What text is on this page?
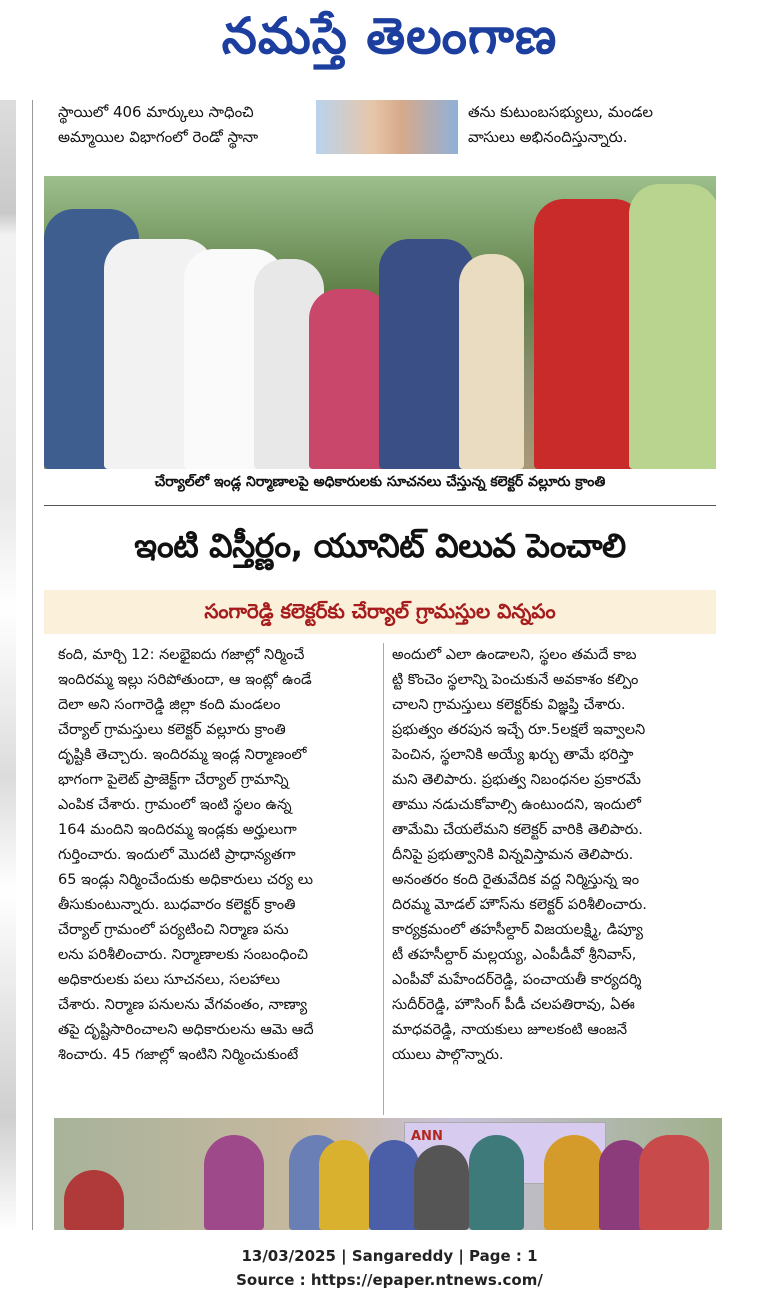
నమస్తే తెలంగాణ

స్థాయిలో 406 మార్కులు సాధించి

అమ్మాయిల విభాగంలో రెండో స్థానా

తను కుటుంబసభ్యులు, మండల

వాసులు అభినందిస్తున్నారు.

చేర్యాల్‌లో ఇండ్ల నిర్మాణాలపై అధికారులకు సూచనలు చేస్తున్న కలెక్టర్ వల్లూరు క్రాంతి
ఇంటి విస్తీర్ణం, యూనిట్ విలువ పెంచాలి
సంగారెడ్డి కలెక్టర్‌కు చేర్యాల్ గ్రామస్తుల విన్నపం

కంది, మార్చి 12: నలభైఐదు గజాల్లో నిర్మించే

ఇందిరమ్మ ఇల్లు సరిపోతుందా, ఆ ఇంట్లో ఉండే

దెలా అని సంగారెడ్డి జిల్లా కంది మండలం

చేర్యాల్ గ్రామస్తులు కలెక్టర్ వల్లూరు క్రాంతి

దృష్టికి తెచ్చారు. ఇందిరమ్మ ఇండ్ల నిర్మాణంలో

భాగంగా పైలెట్ ప్రాజెక్ట్‌గా చేర్యాల్ గ్రామాన్ని

ఎంపిక చేశారు. గ్రామంలో ఇంటి స్థలం ఉన్న

164 మందిని ఇందిరమ్మ ఇండ్లకు అర్హులుగా

గుర్తించారు. ఇందులో మొదటి ప్రాధాన్యతగా

65 ఇండ్లు నిర్మించేందుకు అధికారులు చర్య లు

తీసుకుంటున్నారు. బుధవారం కలెక్టర్ క్రాంతి

చేర్యాల్ గ్రామంలో పర్యటించి నిర్మాణ పను

లను పరిశీలించారు. నిర్మాణాలకు సంబంధించి

అధికారులకు పలు సూచనలు, సలహాలు

చేశారు. నిర్మాణ పనులను వేగవంతం, నాణ్యా

తపై దృష్టిసారించాలని అధికారులను ఆమె ఆదే

శించారు. 45 గజాల్లో ఇంటిని నిర్మించుకుంటే

అందులో ఎలా ఉండాలని, స్థలం తమదే కాబ

ట్టి కొంచెం స్థలాన్ని పెంచుకునే అవకాశం కల్పిం

చాలని గ్రామస్తులు కలెక్టర్‌కు విజ్ఞప్తి చేశారు.

ప్రభుత్వం తరపున ఇచ్చే రూ.5లక్షలే ఇవ్వాలని

పెంచిన, స్థలానికి అయ్యే ఖర్చు తామే భరిస్తా

మని తెలిపారు. ప్రభుత్వ నిబంధనల ప్రకారమే

తాము నడుచుకోవాల్సి ఉంటుందని, ఇందులో

తామేమి చేయలేమని కలెక్టర్ వారికి తెలిపారు.

దీనిపై ప్రభుత్వానికి విన్నవిస్తామన తెలిపారు.

అనంతరం కంది రైతువేదిక వద్ద నిర్మిస్తున్న ఇం

దిరమ్మ మోడల్ హౌస్‌ను కలెక్టర్ పరిశీలించారు.

కార్యక్రమంలో తహసీల్దార్ విజయలక్ష్మి, డిప్యూ

టీ తహసీల్దార్ మల్లయ్య, ఎంపీడీవో శ్రీనివాస్,

ఎంపీవో మహేందర్‌రెడ్డి, పంచాయతీ కార్యదర్శి

సుదీర్‌రెడ్డి, హౌసింగ్ పీడీ చలపతిరావు, ఏఈ

మాధవరెడ్డి, నాయకులు జూలకంటి ఆంజనే

యులు పాల్గొన్నారు.

ANN
13/03/2025 | Sangareddy | Page : 1
Source : https://epaper.ntnews.com/
